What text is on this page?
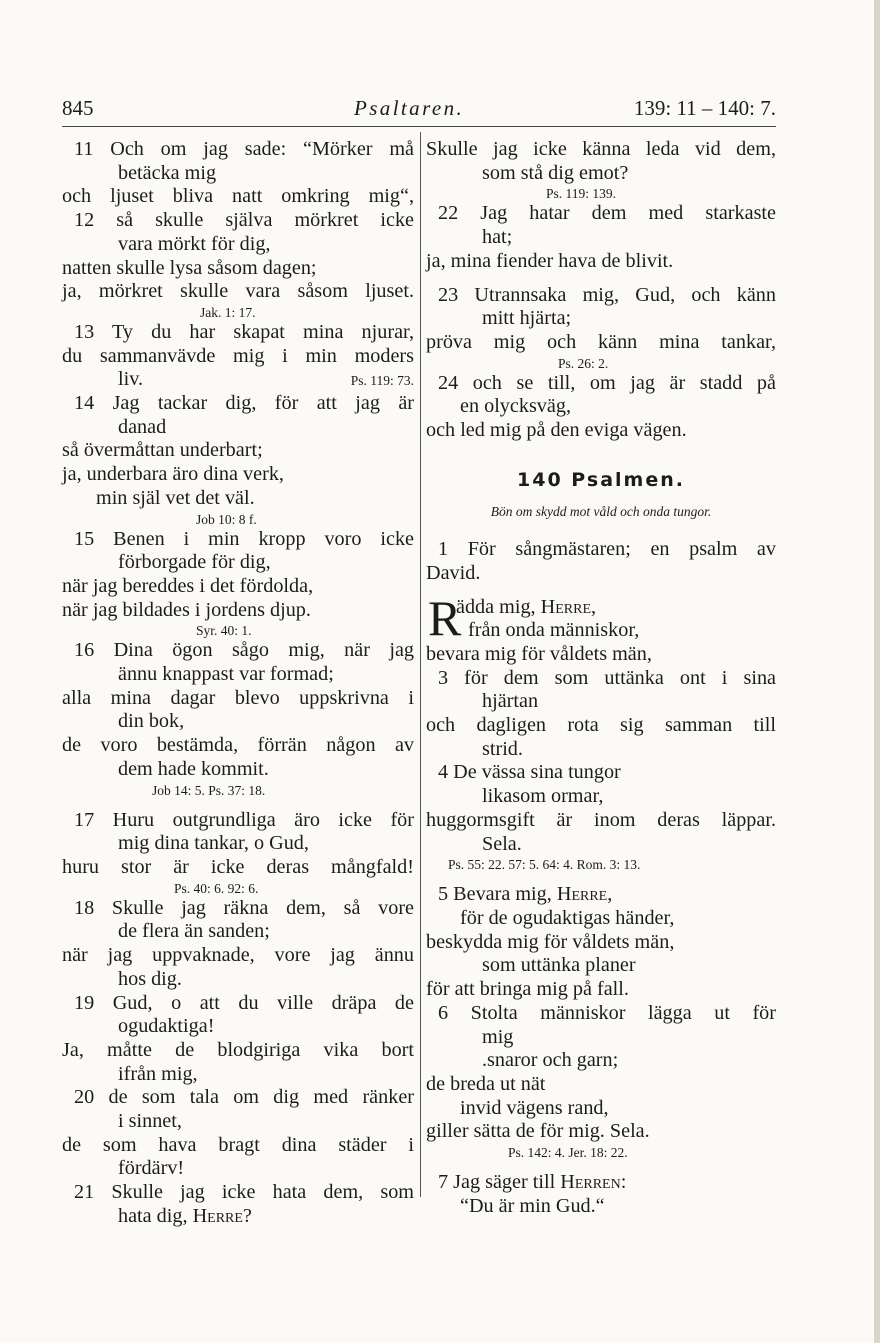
845	Psaltaren.	139: 11 – 140: 7.

11 Och om jag sade: “Mörker må

betäcka mig

och ljuset bliva natt omkring mig“,

12 så skulle själva mörkret icke

vara mörkt för dig,

natten skulle lysa såsom dagen;

ja, mörkret skulle vara såsom ljuset.

Jak. 1: 17.

13 Ty du har skapat mina njurar,

du sammanvävde mig i min moders

liv.	Ps. 119: 73.

14 Jag tackar dig, för att jag är

danad

så övermåttan underbart;

ja, underbara äro dina verk,

min själ vet det väl.

Job 10: 8 f.

15 Benen i min kropp voro icke

förborgade för dig,

när jag bereddes i det fördolda,

när jag bildades i jordens djup.

Syr. 40: 1.

16 Dina ögon sågo mig, när jag

ännu knappast var formad;

alla mina dagar blevo uppskrivna i

din bok,

de voro bestämda, förrän någon av

dem hade kommit.

Job 14: 5. Ps. 37: 18.

17 Huru outgrundliga äro icke för

mig dina tankar, o Gud,

huru stor är icke deras mångfald!

Ps. 40: 6. 92: 6.

18 Skulle jag räkna dem, så vore

de flera än sanden;

när jag uppvaknade, vore jag ännu

hos dig.

19 Gud, o att du ville dräpa de

ogudaktiga!

Ja, måtte de blodgiriga vika bort

ifrån mig,

20 de som tala om dig med ränker

i sinnet,

de som hava bragt dina städer i

fördärv!

21 Skulle jag icke hata dem, som

hata dig, Herre?

Skulle jag icke känna leda vid dem,

som stå dig emot?

Ps. 119: 139.

22 Jag hatar dem med starkaste

hat;

ja, mina fiender hava de blivit.

23 Utrannsaka mig, Gud, och känn

mitt hjärta;

pröva mig och känn mina tankar,

Ps. 26: 2.

24 och se till, om jag är stadd på

en olycksväg,

och led mig på den eviga vägen.

140 Psalmen.
Bön om skydd mot våld och onda tungor.

1 För sångmästaren; en psalm av

David.

R

ädda mig, Herre,

från onda människor,

bevara mig för våldets män,

3 för dem som uttänka ont i sina

hjärtan

och dagligen rota sig samman till

strid.

4 De vässa sina tungor

likasom ormar,

huggormsgift är inom deras läppar.

Sela.

Ps. 55: 22. 57: 5. 64: 4. Rom. 3: 13.

5 Bevara mig, Herre,

för de ogudaktigas händer,

beskydda mig för våldets män,

som uttänka planer

för att bringa mig på fall.

6 Stolta människor lägga ut för

mig

.snaror och garn;

de breda ut nät

invid vägens rand,

giller sätta de för mig. Sela.

Ps. 142: 4. Jer. 18: 22.

7 Jag säger till Herren:

“Du är min Gud.“
